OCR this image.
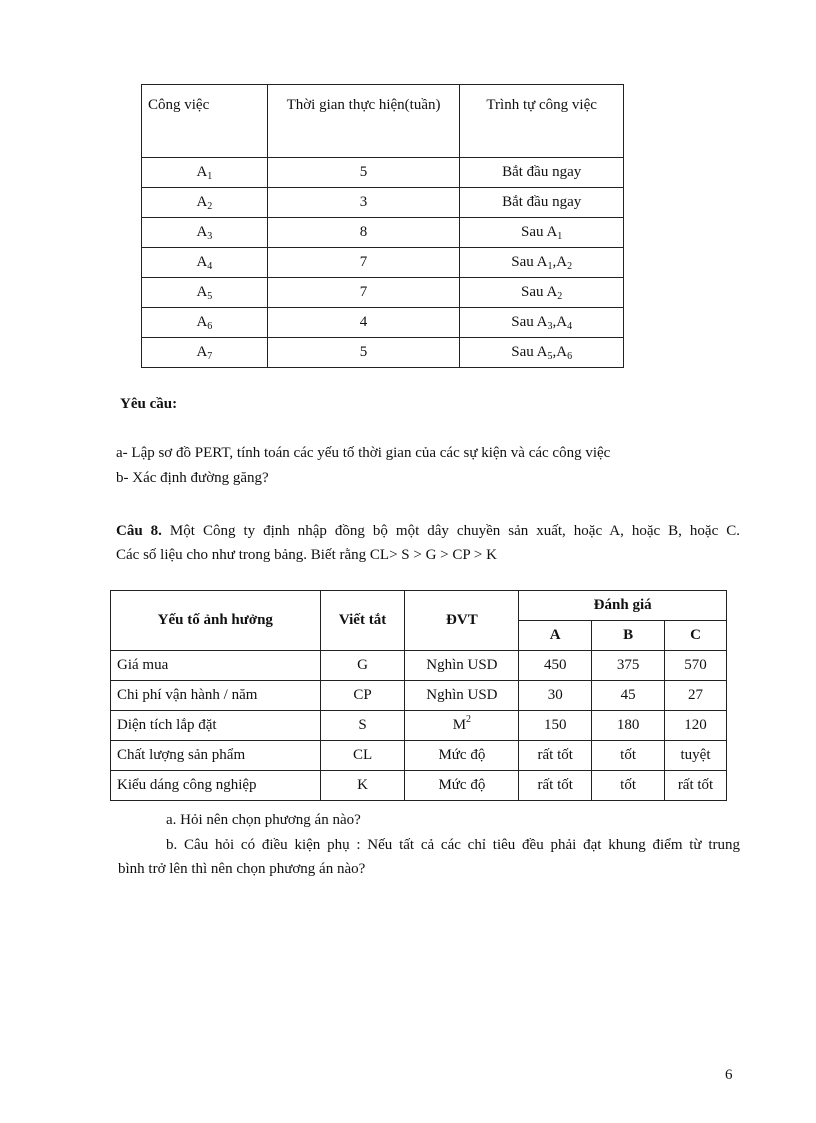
Công việc	Thời gian thực hiện(tuần)	Trình tự công việc
$A_1$	5	Bắt đầu ngay
$A_2$	3	Bắt đầu ngay
$A_3$	8	Sau $A_1$
$A_4$	7	Sau $A_1,A_2$
$A_5$	7	Sau $A_2$
$A_6$	4	Sau $A_3,A_4$
$A_7$	5	Sau $A_5,A_6$
Yêu cầu:
a- Lập sơ đồ PERT, tính toán các yếu tố thời gian của các sự kiện và các công việc
b- Xác định đường găng?
Câu 8. Một Công ty định nhập đồng bộ một dây chuyền sản xuất, hoặc A, hoặc B, hoặc C.
Các số liệu cho như trong bảng. Biết rằng CL> S > G > CP > K
Yếu tố ảnh hưởng	Viết tắt	ĐVT	Đánh giá		
			A	B	C
Giá mua	G	Nghìn USD	450	375	570
Chi phí vận hành / năm	CP	Nghìn USD	30	45	27
Diện tích lắp đặt	S	$M^2$	150	180	120
Chất lượng sản phẩm	CL	Mức độ	rất tốt	tốt	tuyệt
Kiểu dáng công nghiệp	K	Mức độ	rất tốt	tốt	rất tốt
a. Hỏi nên chọn phương án nào?
b. Câu hỏi có điều kiện phụ : Nếu tất cả các chỉ tiêu đều phải đạt khung điểm từ trung
bình trở lên thì nên chọn phương án nào?
6
